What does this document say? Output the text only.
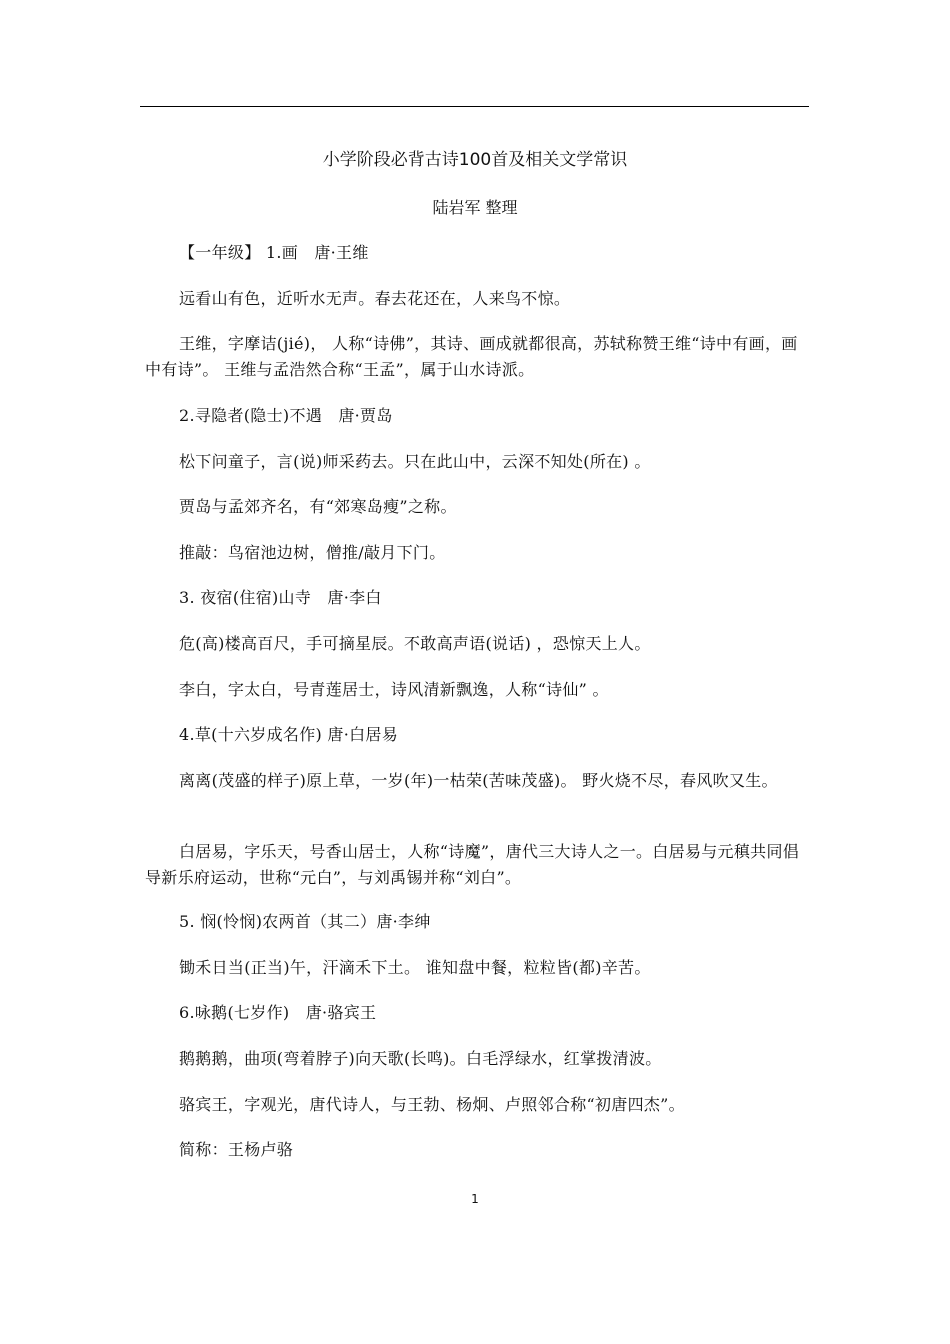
小学阶段必背古诗100首及相关文学常识
陆岩军 整理

【一年级】 1.画　唐·王维

远看山有色，近听水无声。春去花还在，人来鸟不惊。

王维，字摩诘(jié)， 人称“诗佛”，其诗、画成就都很高，苏轼称赞王维“诗中有画，画中有诗”。 王维与孟浩然合称“王孟”，属于山水诗派。

2.寻隐者(隐士)不遇　唐·贾岛

松下问童子，言(说)师采药去。只在此山中，云深不知处(所在) 。

贾岛与孟郊齐名，有“郊寒岛瘦”之称。

推敲：鸟宿池边树，僧推/敲月下门。

3. 夜宿(住宿)山寺　唐·李白

危(高)楼高百尺，手可摘星辰。不敢高声语(说话) ，恐惊天上人。

李白，字太白，号青莲居士，诗风清新飘逸，人称“诗仙” 。

4.草(十六岁成名作) 唐·白居易

离离(茂盛的样子)原上草，一岁(年)一枯荣(苦味茂盛)。 野火烧不尽，春风吹又生。

白居易，字乐天，号香山居士，人称“诗魔”，唐代三大诗人之一。白居易与元稹共同倡导新乐府运动，世称“元白”，与刘禹锡并称“刘白”。

5. 悯(怜悯)农两首（其二）唐·李绅

锄禾日当(正当)午，汗滴禾下土。 谁知盘中餐，粒粒皆(都)辛苦。

6.咏鹅(七岁作)　唐·骆宾王

鹅鹅鹅，曲项(弯着脖子)向天歌(长鸣)。白毛浮绿水，红掌拨清波。

骆宾王，字观光，唐代诗人，与王勃、杨炯、卢照邻合称“初唐四杰”。

简称：王杨卢骆

1
